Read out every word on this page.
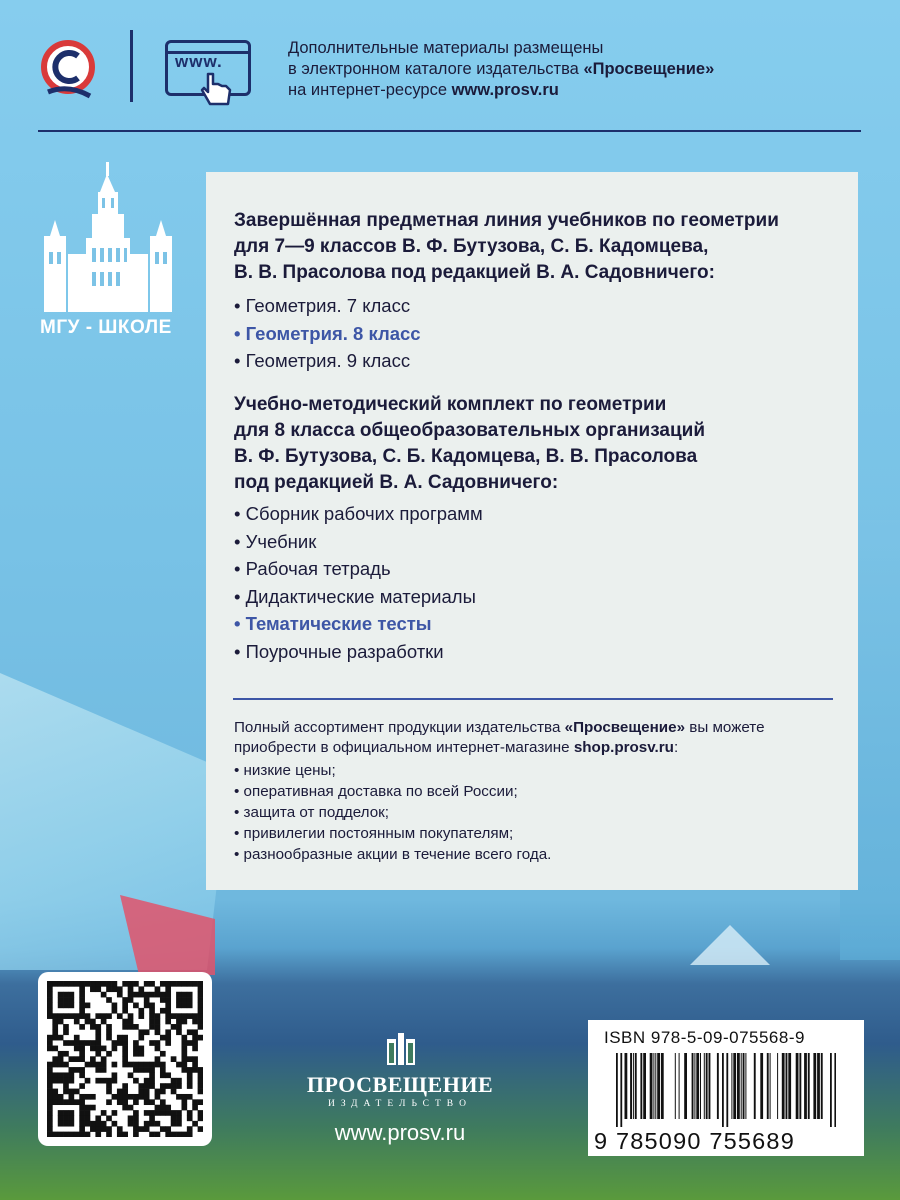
www.
Дополнительные материалы размещены
в электронном каталоге издательства «Просвещение»
на интернет-ресурсе www.prosv.ru
МГУ - ШКОЛЕ
Завершённая предметная линия учебников по геометрии
для 7—9 классов В. Ф. Бутузова, С. Б. Кадомцева,
В. В. Прасолова под редакцией В. А. Садовничего:
• Геометрия. 7 класс
• Геометрия. 8 класс
• Геометрия. 9 класс
Учебно-методический комплект по геометрии
для 8 класса общеобразовательных организаций
В. Ф. Бутузова, С. Б. Кадомцева, В. В. Прасолова
под редакцией В. А. Садовничего:
• Сборник рабочих программ
• Учебник
• Рабочая тетрадь
• Дидактические материалы
• Тематические тесты
• Поурочные разработки
Полный ассортимент продукции издательства «Просвещение» вы можете
приобрести в официальном интернет-магазине shop.prosv.ru:
• низкие цены;
• оперативная доставка по всей России;
• защита от подделок;
• привилегии постоянным покупателям;
• разнообразные акции в течение всего года.
ПРОСВЕЩЕНИЕ
ИЗДАТЕЛЬСТВО
www.prosv.ru
ISBN 978-5-09-075568-9
9 785090 755689
